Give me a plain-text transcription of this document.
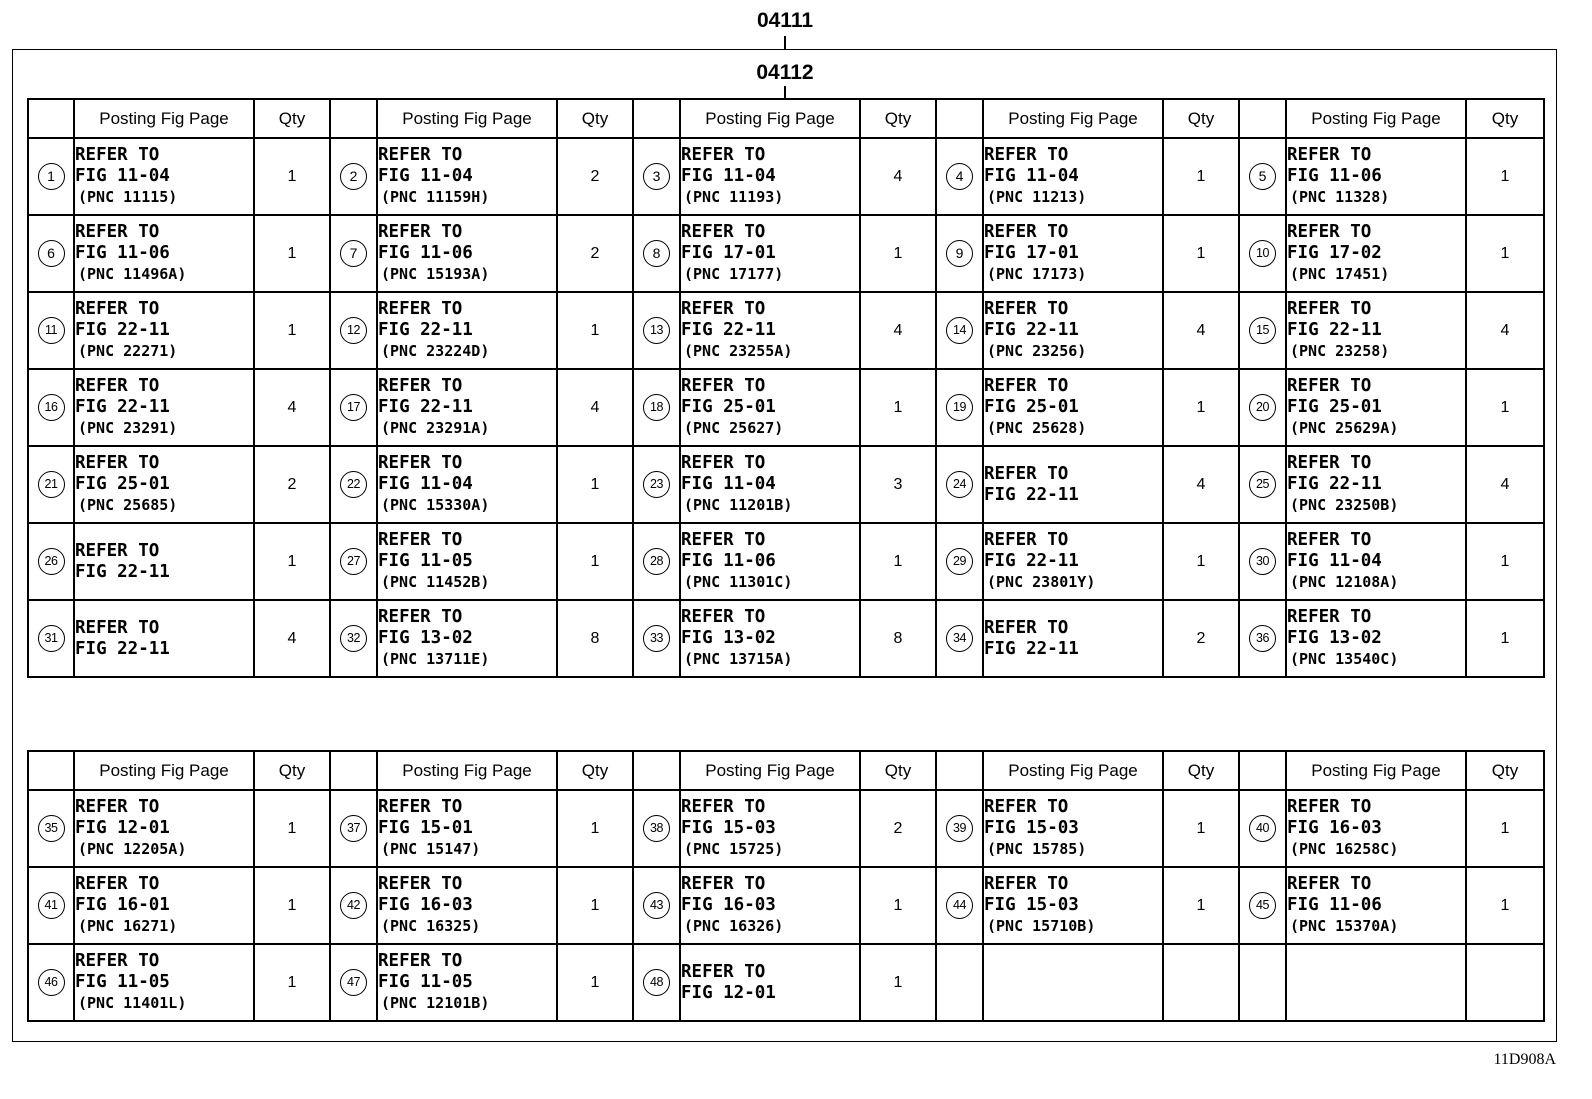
04111
04112
	Posting Fig Page	Qty		Posting Fig Page	Qty		Posting Fig Page	Qty		Posting Fig Page	Qty		Posting Fig Page	Qty
1	REFER TO
FIG 11-04
(PNC 11115)	1	2	REFER TO
FIG 11-04
(PNC 11159H)	2	3	REFER TO
FIG 11-04
(PNC 11193)	4	4	REFER TO
FIG 11-04
(PNC 11213)	1	5	REFER TO
FIG 11-06
(PNC 11328)	1
6	REFER TO
FIG 11-06
(PNC 11496A)	1	7	REFER TO
FIG 11-06
(PNC 15193A)	2	8	REFER TO
FIG 17-01
(PNC 17177)	1	9	REFER TO
FIG 17-01
(PNC 17173)	1	10	REFER TO
FIG 17-02
(PNC 17451)	1
11	REFER TO
FIG 22-11
(PNC 22271)	1	12	REFER TO
FIG 22-11
(PNC 23224D)	1	13	REFER TO
FIG 22-11
(PNC 23255A)	4	14	REFER TO
FIG 22-11
(PNC 23256)	4	15	REFER TO
FIG 22-11
(PNC 23258)	4
16	REFER TO
FIG 22-11
(PNC 23291)	4	17	REFER TO
FIG 22-11
(PNC 23291A)	4	18	REFER TO
FIG 25-01
(PNC 25627)	1	19	REFER TO
FIG 25-01
(PNC 25628)	1	20	REFER TO
FIG 25-01
(PNC 25629A)	1
21	REFER TO
FIG 25-01
(PNC 25685)	2	22	REFER TO
FIG 11-04
(PNC 15330A)	1	23	REFER TO
FIG 11-04
(PNC 11201B)	3	24	REFER TO
FIG 22-11	4	25	REFER TO
FIG 22-11
(PNC 23250B)	4
26	REFER TO
FIG 22-11	1	27	REFER TO
FIG 11-05
(PNC 11452B)	1	28	REFER TO
FIG 11-06
(PNC 11301C)	1	29	REFER TO
FIG 22-11
(PNC 23801Y)	1	30	REFER TO
FIG 11-04
(PNC 12108A)	1
31	REFER TO
FIG 22-11	4	32	REFER TO
FIG 13-02
(PNC 13711E)	8	33	REFER TO
FIG 13-02
(PNC 13715A)	8	34	REFER TO
FIG 22-11	2	36	REFER TO
FIG 13-02
(PNC 13540C)	1
	Posting Fig Page	Qty		Posting Fig Page	Qty		Posting Fig Page	Qty		Posting Fig Page	Qty		Posting Fig Page	Qty
35	REFER TO
FIG 12-01
(PNC 12205A)	1	37	REFER TO
FIG 15-01
(PNC 15147)	1	38	REFER TO
FIG 15-03
(PNC 15725)	2	39	REFER TO
FIG 15-03
(PNC 15785)	1	40	REFER TO
FIG 16-03
(PNC 16258C)	1
41	REFER TO
FIG 16-01
(PNC 16271)	1	42	REFER TO
FIG 16-03
(PNC 16325)	1	43	REFER TO
FIG 16-03
(PNC 16326)	1	44	REFER TO
FIG 15-03
(PNC 15710B)	1	45	REFER TO
FIG 11-06
(PNC 15370A)	1
46	REFER TO
FIG 11-05
(PNC 11401L)	1	47	REFER TO
FIG 11-05
(PNC 12101B)	1	48	REFER TO
FIG 12-01	1						
11D908A
